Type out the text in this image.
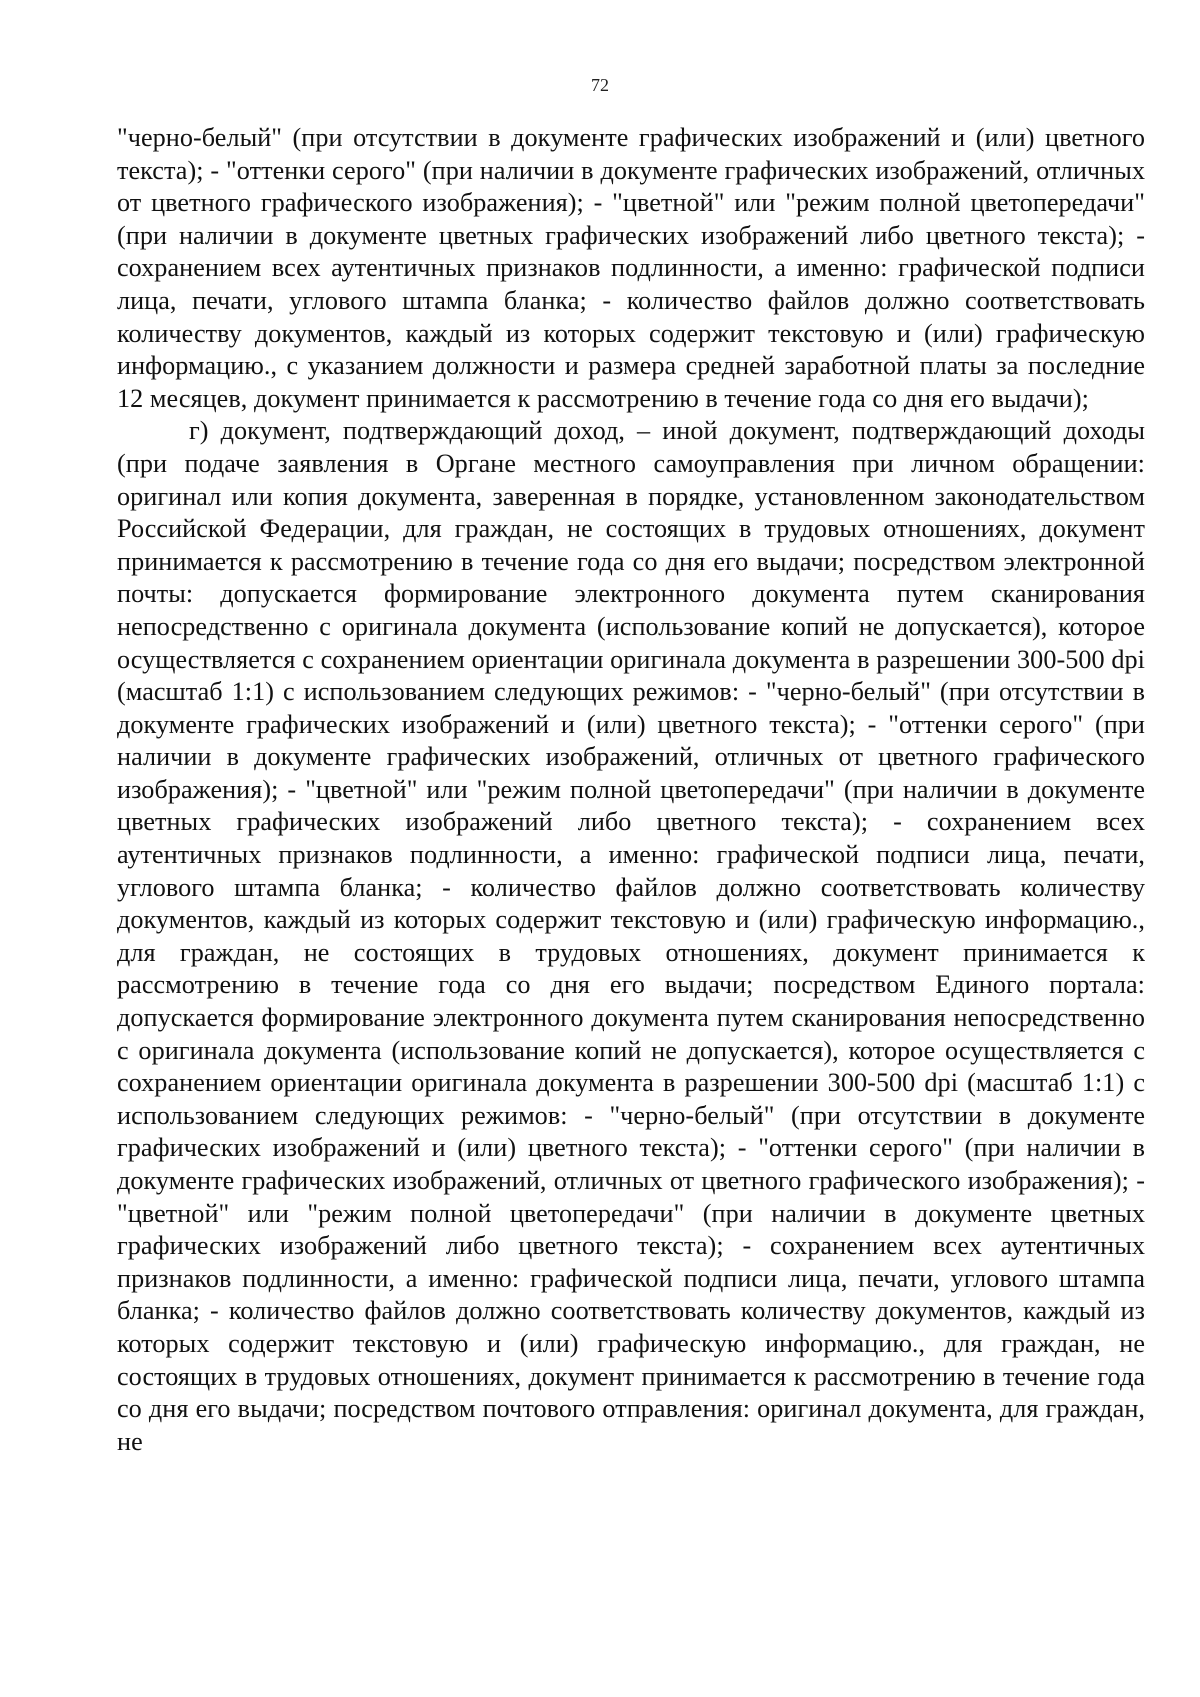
72

"черно-белый" (при отсутствии в документе графических изображений и (или) цветного текста); - "оттенки серого" (при наличии в документе графических изображений, отличных от цветного графического изображения); - "цветной" или "режим полной цветопередачи" (при наличии в документе цветных графических изображений либо цветного текста); - сохранением всех аутентичных признаков подлинности, а именно: графической подписи лица, печати, углового штампа бланка; - количество файлов должно соответствовать количеству документов, каждый из которых содержит текстовую и (или) графическую информацию., с указанием должности и размера средней заработной платы за последние 12 месяцев, документ принимается к рассмотрению в течение года со дня его выдачи);

г) документ, подтверждающий доход, – иной документ, подтверждающий доходы (при подаче заявления в Органе местного самоуправления при личном обращении: оригинал или копия документа, заверенная в порядке, установленном законодательством Российской Федерации, для граждан, не состоящих в трудовых отношениях, документ принимается к рассмотрению в течение года со дня его выдачи; посредством электронной почты: допускается формирование электронного документа путем сканирования непосредственно с оригинала документа (использование копий не допускается), которое осуществляется с сохранением ориентации оригинала документа в разрешении 300-500 dpi (масштаб 1:1) с использованием следующих режимов: - "черно-белый" (при отсутствии в документе графических изображений и (или) цветного текста); - "оттенки серого" (при наличии в документе графических изображений, отличных от цветного графического изображения); - "цветной" или "режим полной цветопередачи" (при наличии в документе цветных графических изображений либо цветного текста); - сохранением всех аутентичных признаков подлинности, а именно: графической подписи лица, печати, углового штампа бланка; - количество файлов должно соответствовать количеству документов, каждый из которых содержит текстовую и (или) графическую информацию., для граждан, не состоящих в трудовых отношениях, документ принимается к рассмотрению в течение года со дня его выдачи; посредством Единого портала: допускается формирование электронного документа путем сканирования непосредственно с оригинала документа (использование копий не допускается), которое осуществляется с сохранением ориентации оригинала документа в разрешении 300-500 dpi (масштаб 1:1) с использованием следующих режимов: - "черно-белый" (при отсутствии в документе графических изображений и (или) цветного текста); - "оттенки серого" (при наличии в документе графических изображений, отличных от цветного графического изображения); - "цветной" или "режим полной цветопередачи" (при наличии в документе цветных графических изображений либо цветного текста); - сохранением всех аутентичных признаков подлинности, а именно: графической подписи лица, печати, углового штампа бланка; - количество файлов должно соответствовать количеству документов, каждый из которых содержит текстовую и (или) графическую информацию., для граждан, не состоящих в трудовых отношениях, документ принимается к рассмотрению в течение года со дня его выдачи; посредством почтового отправления: оригинал документа, для граждан, не
